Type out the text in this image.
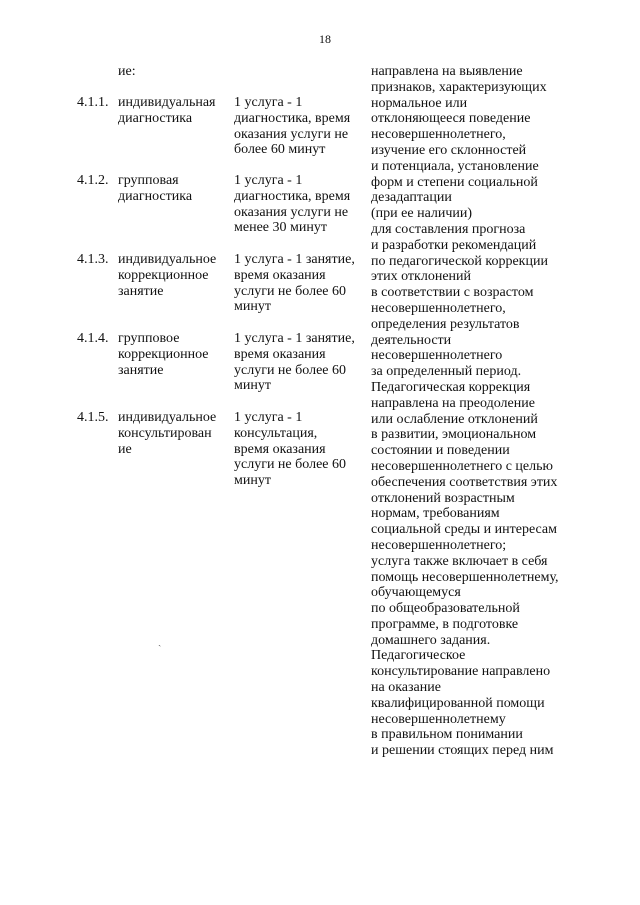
18
ие:
4.1.1. индивидуальная
диагностика
1 услуга - 1
диагностика, время
оказания услуги не
более 60 минут
4.1.2. групповая
диагностика
1 услуга - 1
диагностика, время
оказания услуги не
менее 30 минут
4.1.3. индивидуальное
коррекционное
занятие
1 услуга - 1 занятие,
время оказания
услуги не более 60
минут
4.1.4. групповое
коррекционное
занятие
1 услуга - 1 занятие,
время оказания
услуги не более 60
минут
4.1.5. индивидуальное
консультирован
ие
1 услуга - 1
консультация,
время оказания
услуги не более 60
минут
ˏ
направлена на выявление
признаков, характеризующих
нормальное или
отклоняющееся поведение
несовершеннолетнего,
изучение его склонностей
и потенциала, установление
форм и степени социальной
дезадаптации
(при ее наличии)
для составления прогноза
и разработки рекомендаций
по педагогической коррекции
этих отклонений
в соответствии с возрастом
несовершеннолетнего,
определения результатов
деятельности
несовершеннолетнего
за определенный период.
Педагогическая коррекция
направлена на преодоление
или ослабление отклонений
в развитии, эмоциональном
состоянии и поведении
несовершеннолетнего с целью
обеспечения соответствия этих
отклонений возрастным
нормам, требованиям
социальной среды и интересам
несовершеннолетнего;
услуга также включает в себя
помощь несовершеннолетнему,
обучающемуся
по общеобразовательной
программе, в подготовке
домашнего задания.
Педагогическое
консультирование направлено
на оказание
квалифицированной помощи
несовершеннолетнему
в правильном понимании
и решении стоящих перед ним
